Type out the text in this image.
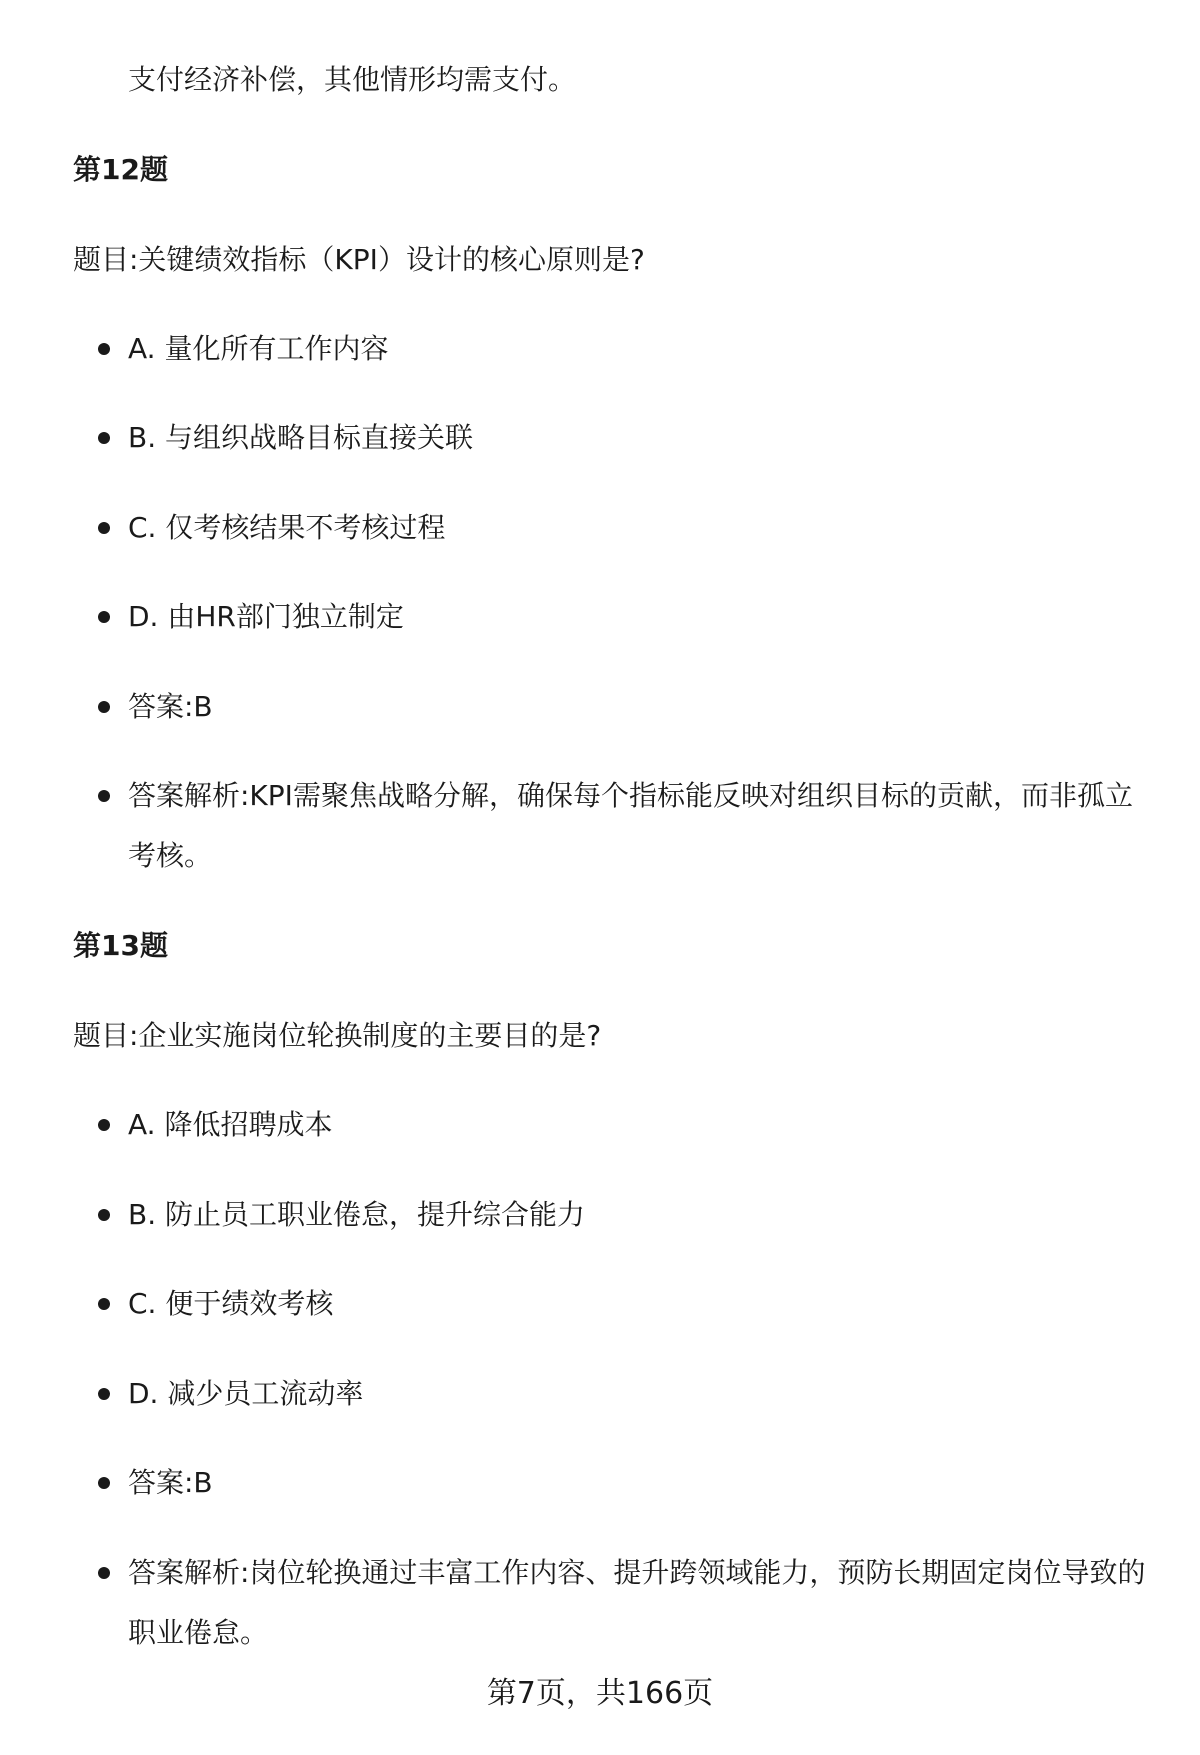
支付经济补偿，其他情形均需支付。
第12题
题目:关键绩效指标（KPI）设计的核心原则是?
A. 量化所有工作内容
B. 与组织战略目标直接关联
C. 仅考核结果不考核过程
D. 由HR部门独立制定
答案:B
答案解析:KPI需聚焦战略分解，确保每个指标能反映对组织目标的贡献，而非孤立考核。
第13题
题目:企业实施岗位轮换制度的主要目的是?
A. 降低招聘成本
B. 防止员工职业倦怠，提升综合能力
C. 便于绩效考核
D. 减少员工流动率
答案:B
答案解析:岗位轮换通过丰富工作内容、提升跨领域能力，预防长期固定岗位导致的职业倦怠。
第7页，共166页
